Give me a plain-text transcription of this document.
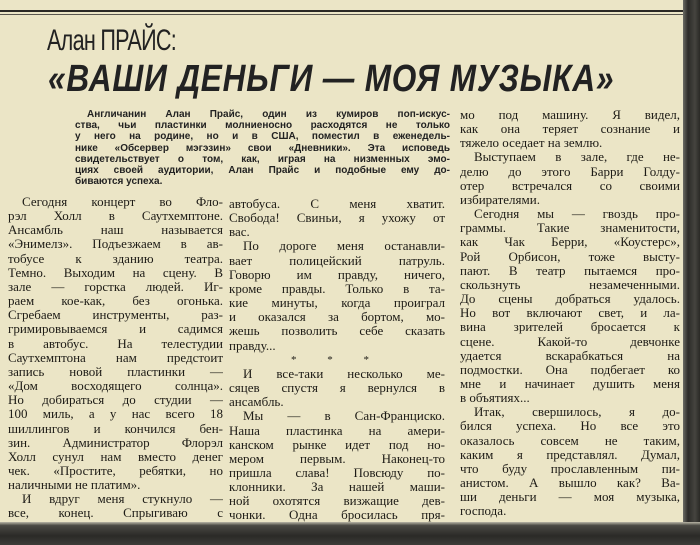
Алан ПРАЙС:
«ВАШИ ДЕНЬГИ — МОЯ МУЗЫКА»
Англичанин Алан Прайс, один из кумиров поп-искус-
ства, чьи пластинки молниеносно расходятся не только
у него на родине, но и в США, поместил в еженедель-
нике «Обсервер мэгэзин» свои «Дневники». Эта исповедь
свидетельствует о том, как, играя на низменных эмо-
циях своей аудитории, Алан Прайс и подобные ему до-
биваются успеха.
Сегодня концерт во Фло-
рэл Холл в Саутхемптоне.
Ансамбль наш называется
«Энимелз». Подъезжаем в ав-
тобусе к зданию театра.
Темно. Выходим на сцену. В
зале — горстка людей. Иг-
раем кое-как, без огонька.
Сгребаем инструменты, раз-
гримировываемся и садимся
в автобус. На телестудии
Саутхемптона нам предстоит
запись новой пластинки —
«Дом восходящего солнца».
Но добираться до студии —
100 миль, а у нас всего 18
шиллингов и кончился бен-
зин. Администратор Флорэл
Холл сунул нам вместо денег
чек. «Простите, ребятки, но
наличными не платим».
И вдруг меня стукнуло —
все, конец. Спрыгиваю с
автобуса. С меня хватит.
Свобода! Свиньи, я ухожу от
вас.
По дороге меня останавли-
вает полицейский патруль.
Говорю им правду, ничего,
кроме правды. Только в та-
кие минуты, когда проиграл
и оказался за бортом, мо-
жешь позволить себе сказать
правду...
* * *
И все-таки несколько ме-
сяцев спустя я вернулся в
ансамбль.
Мы — в Сан-Франциско.
Наша пластинка на амери-
канском рынке идет под но-
мером первым. Наконец-то
пришла слава! Повсюду по-
клонники. За нашей маши-
ной охотятся визжащие дев-
чонки. Одна бросилась пря-
мо под машину. Я видел,
как она теряет сознание и
тяжело оседает на землю.
Выступаем в зале, где не-
делю до этого Барри Голду-
отер встречался со своими
избирателями.
Сегодня мы — гвоздь про-
граммы. Такие знаменитости,
как Чак Берри, «Коустерс»,
Рой Орбисон, тоже высту-
пают. В театр пытаемся про-
скользнуть незамеченными.
До сцены добраться удалось.
Но вот включают свет, и ла-
вина зрителей бросается к
сцене. Какой-то девчонке
удается вскарабкаться на
подмостки. Она подбегает ко
мне и начинает душить меня
в объятиях...
Итак, свершилось, я до-
бился успеха. Но все это
оказалось совсем не таким,
каким я представлял. Думал,
что буду прославленным пи-
анистом. А вышло как? Ва-
ши деньги — моя музыка,
господа.
